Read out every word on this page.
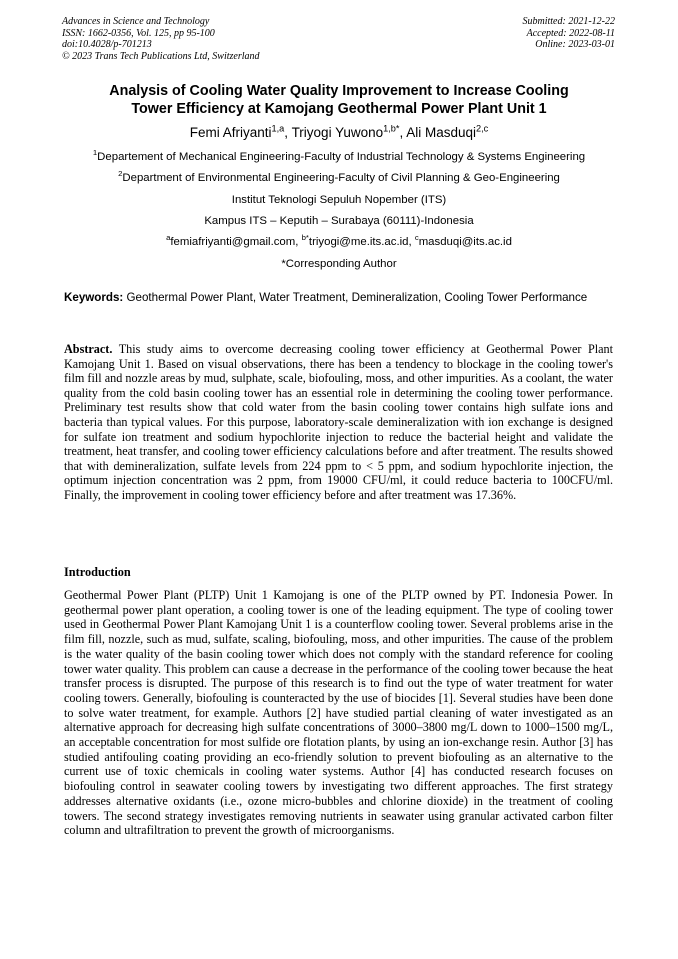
Advances in Science and Technology
ISSN: 1662-0356, Vol. 125, pp 95-100
doi:10.4028/p-701213
© 2023 Trans Tech Publications Ltd, Switzerland
Submitted: 2021-12-22
Accepted: 2022-08-11
Online: 2023-03-01
Analysis of Cooling Water Quality Improvement to Increase Cooling
Tower Efficiency at Kamojang Geothermal Power Plant Unit 1
Femi Afriyanti$^{1,a}$, Triyogi Yuwono$^{1,b*}$, Ali Masduqi$^{2,c}$
$^1$Departement of Mechanical Engineering-Faculty of Industrial Technology & Systems Engineering
$^2$Department of Environmental Engineering-Faculty of Civil Planning & Geo-Engineering
Institut Teknologi Sepuluh Nopember (ITS)
Kampus ITS – Keputih – Surabaya (60111)-Indonesia
$^a$femiafriyanti@gmail.com, $^{b*}$triyogi@me.its.ac.id, $^c$masduqi@its.ac.id
*Corresponding Author
Keywords: Geothermal Power Plant, Water Treatment, Demineralization, Cooling Tower Performance
Abstract. This study aims to overcome decreasing cooling tower efficiency at Geothermal Power Plant Kamojang Unit 1. Based on visual observations, there has been a tendency to blockage in the cooling tower's film fill and nozzle areas by mud, sulphate, scale, biofouling, moss, and other impurities. As a coolant, the water quality from the cold basin cooling tower has an essential role in determining the cooling tower performance. Preliminary test results show that cold water from the basin cooling tower contains high sulfate ions and bacteria than typical values. For this purpose, laboratory-scale demineralization with ion exchange is designed for sulfate ion treatment and sodium hypochlorite injection to reduce the bacterial height and validate the treatment, heat transfer, and cooling tower efficiency calculations before and after treatment. The results showed that with demineralization, sulfate levels from 224 ppm to < 5 ppm, and sodium hypochlorite injection, the optimum injection concentration was 2 ppm, from 19000 CFU/ml, it could reduce bacteria to 100CFU/ml. Finally, the improvement in cooling tower efficiency before and after treatment was 17.36%.
Introduction
Geothermal Power Plant (PLTP) Unit 1 Kamojang is one of the PLTP owned by PT. Indonesia Power. In geothermal power plant operation, a cooling tower is one of the leading equipment. The type of cooling tower used in Geothermal Power Plant Kamojang Unit 1 is a counterflow cooling tower. Several problems arise in the film fill, nozzle, such as mud, sulfate, scaling, biofouling, moss, and other impurities. The cause of the problem is the water quality of the basin cooling tower which does not comply with the standard reference for cooling tower water quality. This problem can cause a decrease in the performance of the cooling tower because the heat transfer process is disrupted. The purpose of this research is to find out the type of water treatment for water cooling towers. Generally, biofouling is counteracted by the use of biocides [1]. Several studies have been done to solve water treatment, for example. Authors [2] have studied partial cleaning of water investigated as an alternative approach for decreasing high sulfate concentrations of 3000–3800 mg/L down to 1000–1500 mg/L, an acceptable concentration for most sulfide ore flotation plants, by using an ion-exchange resin. Author [3] has studied antifouling coating providing an eco-friendly solution to prevent biofouling as an alternative to the current use of toxic chemicals in cooling water systems. Author [4] has conducted research focuses on biofouling control in seawater cooling towers by investigating two different approaches. The first strategy addresses alternative oxidants (i.e., ozone micro-bubbles and chlorine dioxide) in the treatment of cooling towers. The second strategy investigates removing nutrients in seawater using granular activated carbon filter column and ultrafiltration to prevent the growth of microorganisms.
